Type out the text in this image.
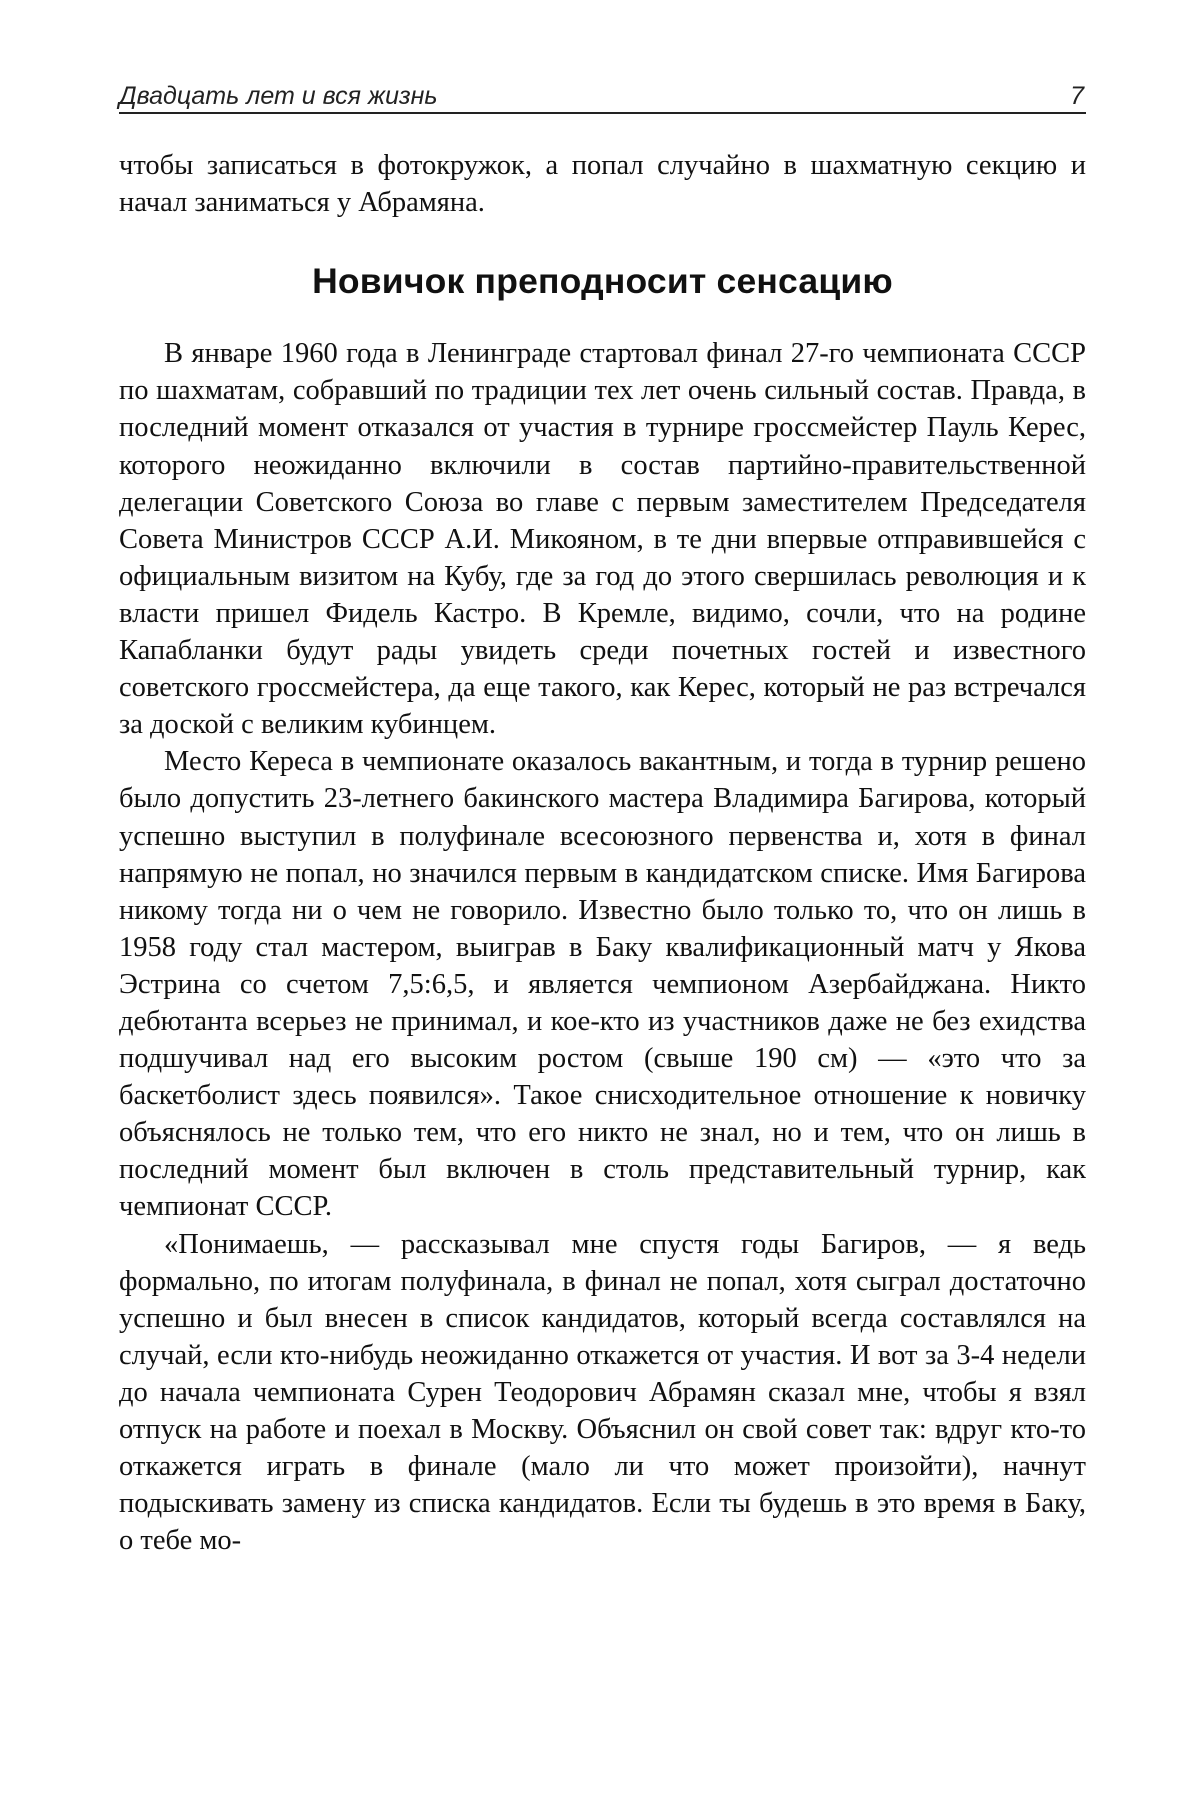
Двадцать лет и вся жизнь	7

чтобы записаться в фотокружок, а попал случайно в шахматную секцию и начал заниматься у Абрамяна.

Новичок преподносит сенсацию

В январе 1960 года в Ленинграде стартовал финал 27-го чемпионата СССР по шахматам, собравший по традиции тех лет очень сильный состав. Правда, в последний момент отказался от участия в турнире гроссмейстер Пауль Керес, которого неожиданно включили в состав партийно-правительственной делегации Советского Союза во главе с первым заместителем Председателя Совета Министров СССР А.И. Микояном, в те дни впервые отправившейся с официальным визитом на Кубу, где за год до этого свершилась революция и к власти пришел Фидель Кастро. В Кремле, видимо, сочли, что на родине Капабланки будут рады увидеть среди почетных гостей и известного советского гроссмейстера, да еще такого, как Керес, который не раз встречался за доской с великим кубинцем.

Место Кереса в чемпионате оказалось вакантным, и тогда в турнир решено было допустить 23-летнего бакинского мастера Владимира Багирова, который успешно выступил в полуфинале всесоюзного первенства и, хотя в финал напрямую не попал, но значился первым в кандидатском списке. Имя Багирова никому тогда ни о чем не говорило. Известно было только то, что он лишь в 1958 году стал мастером, выиграв в Баку квалификационный матч у Якова Эстрина со счетом 7,5:6,5, и является чемпионом Азербайджана. Никто дебютанта всерьез не принимал, и кое-кто из участников даже не без ехидства подшучивал над его высоким ростом (свыше 190 см) — «это что за баскетболист здесь появился». Такое снисходительное отношение к новичку объяснялось не только тем, что его никто не знал, но и тем, что он лишь в последний момент был включен в столь представительный турнир, как чемпионат СССР.

«Понимаешь, — рассказывал мне спустя годы Багиров, — я ведь формально, по итогам полуфинала, в финал не попал, хотя сыграл достаточно успешно и был внесен в список кандидатов, который всегда составлялся на случай, если кто-нибудь неожиданно откажется от участия. И вот за 3-4 недели до начала чемпионата Сурен Теодорович Абрамян сказал мне, чтобы я взял отпуск на работе и поехал в Москву. Объяснил он свой совет так: вдруг кто-то откажется играть в финале (мало ли что может произойти), начнут подыскивать замену из списка кандидатов. Если ты будешь в это время в Баку, о тебе мо-
